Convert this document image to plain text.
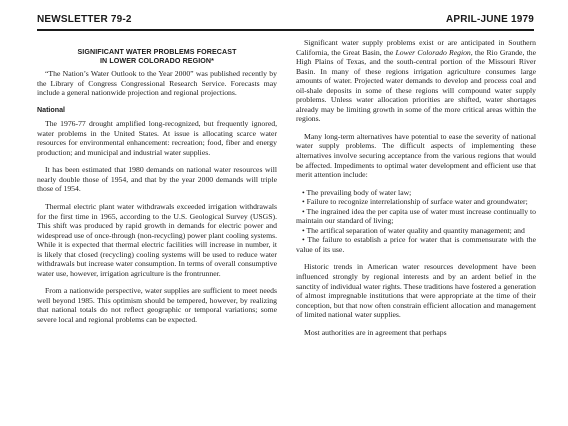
NEWSLETTER 79-2	APRIL-JUNE 1979
SIGNIFICANT WATER PROBLEMS FORECAST
IN LOWER COLORADO REGION*

“The Nation’s Water Outlook to the Year 2000” was published recently by the Library of Congress Congressional Research Service. Forecasts may include a general nationwide projection and regional projections.

National

The 1976-77 drought amplified long-recognized, but frequently ignored, water problems in the United States. At issue is allocating scarce water resources for environmental enhancement: recreation; food, fiber and energy production; and municipal and industrial water supplies.

It has been estimated that 1980 demands on national water resources will nearly double those of 1954, and that by the year 2000 demands will triple those of 1954.

Thermal electric plant water withdrawals exceeded irrigation withdrawals for the first time in 1965, according to the U.S. Geological Survey (USGS). This shift was produced by rapid growth in demands for electric power and widespread use of once-through (non-recycling) power plant cooling systems. While it is expected that thermal electric facilities will increase in number, it is likely that closed (recycling) cooling systems will be used to reduce water withdrawals but increase water consumption. In terms of overall consumptive water use, however, irrigation agriculture is the frontrunner.

From a nationwide perspective, water supplies are sufficient to meet needs well beyond 1985. This optimism should be tempered, however, by realizing that national totals do not reflect geographic or temporal variations; some severe local and regional problems can be expected.

Significant water supply problems exist or are anticipated in Southern California, the Great Basin, the Lower Colorado Region, the Rio Grande, the High Plains of Texas, and the south-central portion of the Missouri River Basin. In many of these regions irrigation agriculture consumes large amounts of water. Projected water demands to develop and process coal and oil-shale deposits in some of these regions will compound water supply problems. Unless water allocation priorities are shifted, water shortages already may be limiting growth in some of the more critical areas within the regions.

Many long-term alternatives have potential to ease the severity of national water supply problems. The difficult aspects of implementing these alternatives involve securing acceptance from the various regions that would be affected. Impediments to optimal water development and efficient use that merit attention include:

• The prevailing body of water law;

• Failure to recognize interrelationship of surface water and groundwater;

• The ingrained idea the per capita use of water must increase continually to maintain our standard of living;

• The artifical separation of water quality and quantity management; and

• The failure to establish a price for water that is commensurate with the value of its use.

Historic trends in American water resources development have been influenced strongly by regional interests and by an ardent belief in the sanctity of individual water rights. These traditions have fostered a generation of almost impregnable institutions that were appropriate at the time of their conception, but that now often constrain efficient allocation and management of limited national water supplies.

Most authorities are in agreement that perhaps
